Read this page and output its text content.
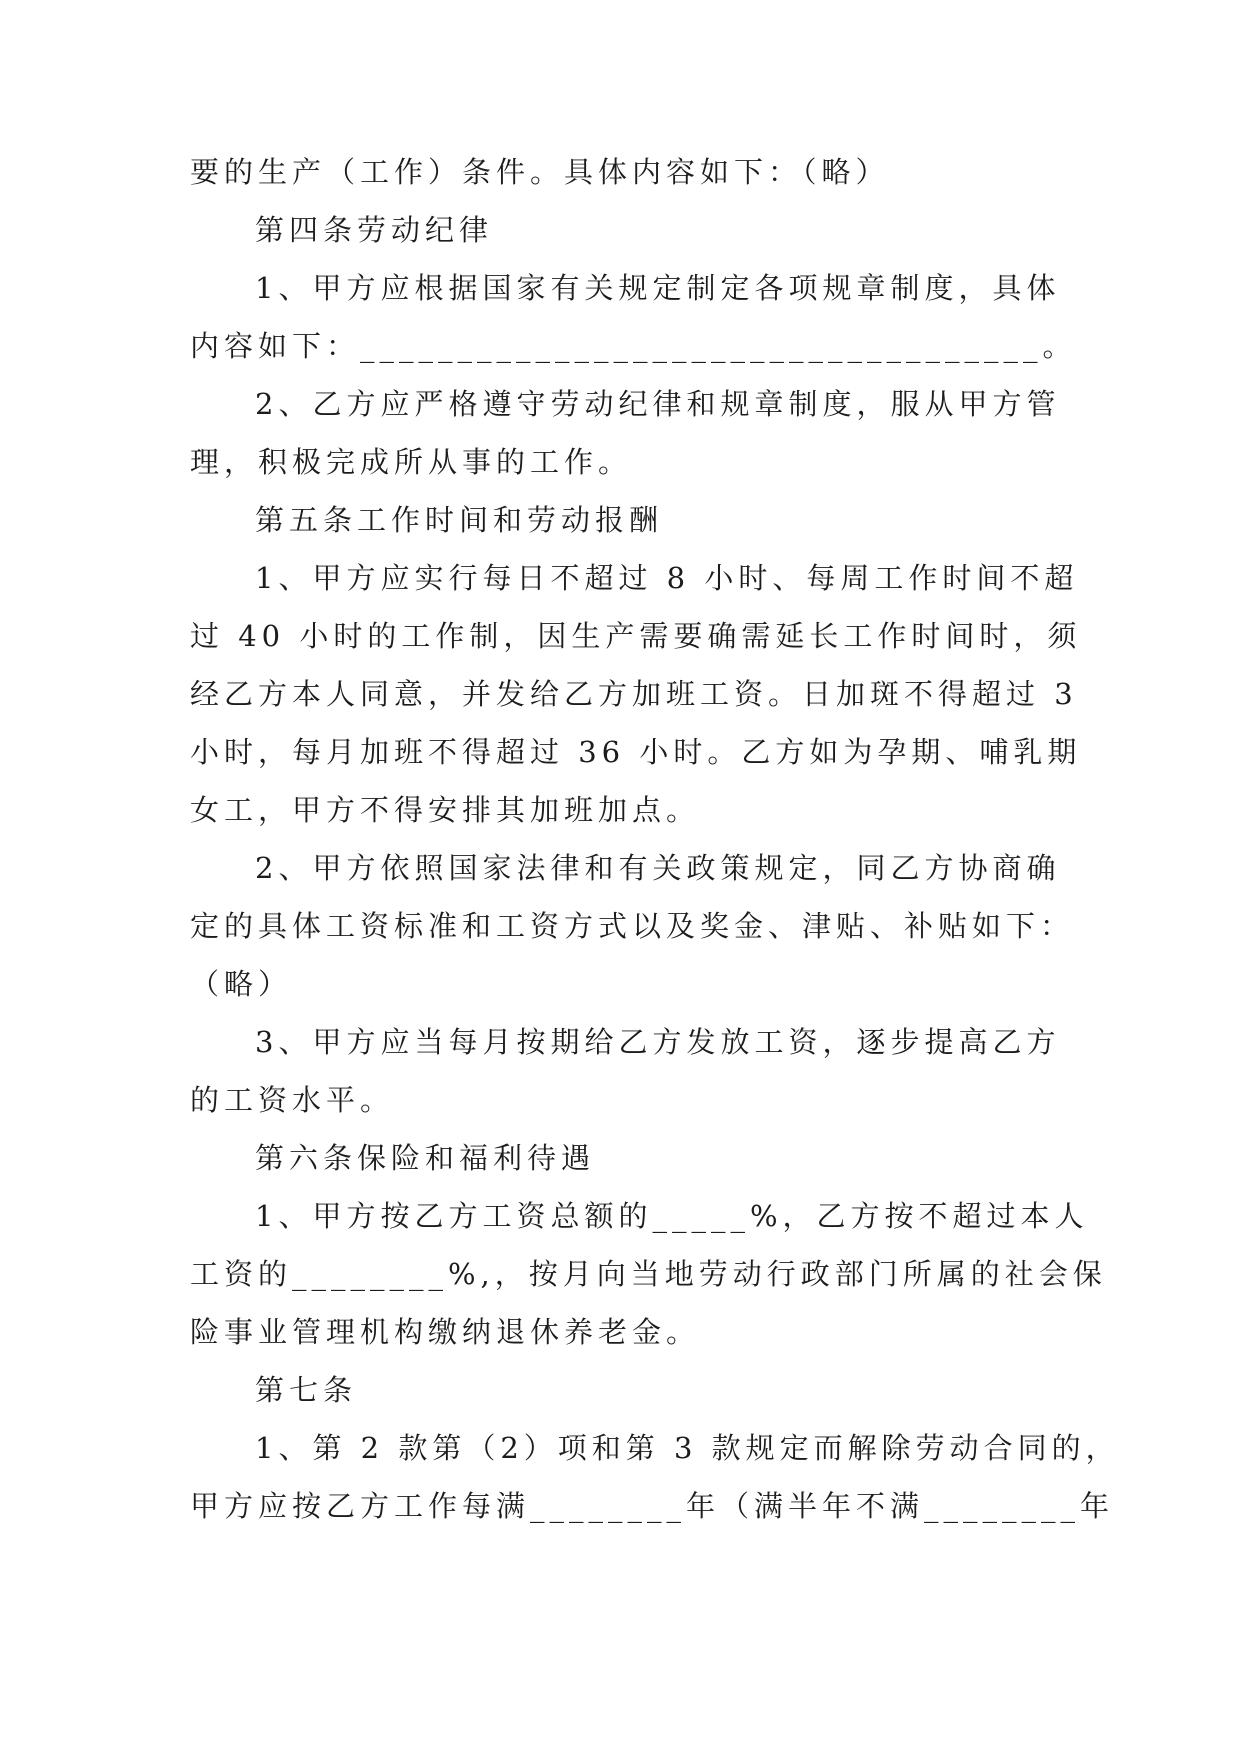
要的生产（工作）条件。具体内容如下：（略）

第四条劳动纪律

1、甲方应根据国家有关规定制定各项规章制度，具体

内容如下：___________________________________。

2、乙方应严格遵守劳动纪律和规章制度，服从甲方管

理，积极完成所从事的工作。

第五条工作时间和劳动报酬

1、甲方应实行每日不超过 8 小时、每周工作时间不超

过 40 小时的工作制，因生产需要确需延长工作时间时，须

经乙方本人同意，并发给乙方加班工资。日加斑不得超过 3

小时，每月加班不得超过 36 小时。乙方如为孕期、哺乳期

女工，甲方不得安排其加班加点。

2、甲方依照国家法律和有关政策规定，同乙方协商确

定的具体工资标准和工资方式以及奖金、津贴、补贴如下：

（略）

3、甲方应当每月按期给乙方发放工资，逐步提高乙方

的工资水平。

第六条保险和福利待遇

1、甲方按乙方工资总额的_____%，乙方按不超过本人

工资的________%,，按月向当地劳动行政部门所属的社会保

险事业管理机构缴纳退休养老金。

第七条

1、第 2 款第（2）项和第 3 款规定而解除劳动合同的，

甲方应按乙方工作每满________年（满半年不满________年
